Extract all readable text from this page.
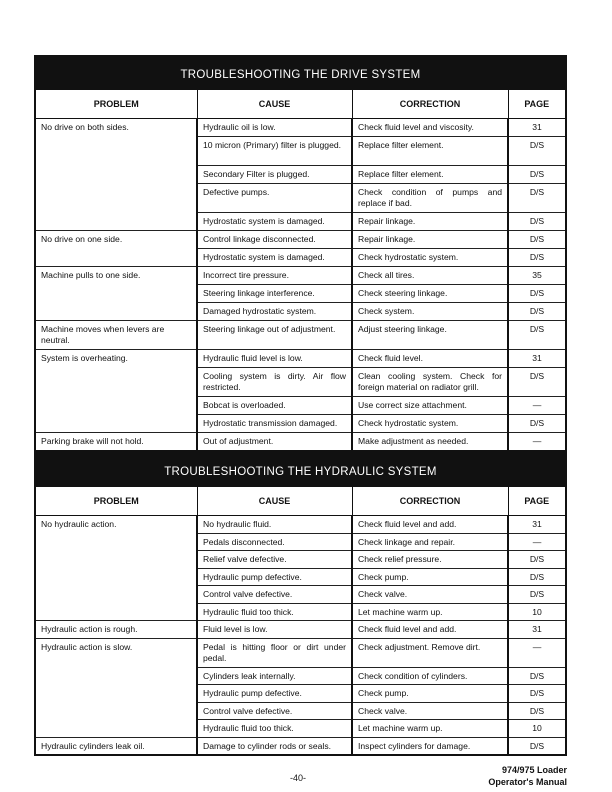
TROUBLESHOOTING THE DRIVE SYSTEM
PROBLEM	CAUSE	CORRECTION	PAGE
No drive on both sides.	Hydraulic oil is low.	Check fluid level and viscosity.	31
	10 micron (Primary) filter is plugged.	Replace filter element.	D/S
	Secondary Filter is plugged.	Replace filter element.	D/S
	Defective pumps.	Check condition of pumps and replace if bad.	D/S
	Hydrostatic system is damaged.	Repair linkage.	D/S
No drive on one side.	Control linkage disconnected.	Repair linkage.	D/S
	Hydrostatic system is damaged.	Check hydrostatic system.	D/S
Machine pulls to one side.	Incorrect tire pressure.	Check all tires.	35
	Steering linkage interference.	Check steering linkage.	D/S
	Damaged hydrostatic system.	Check system.	D/S
Machine moves when levers are neutral.	Steering linkage out of adjustment.	Adjust steering linkage.	D/S
System is overheating.	Hydraulic fluid level is low.	Check fluid level.	31
	Cooling system is dirty. Air flow restricted.	Clean cooling system. Check for foreign material on radiator grill.	D/S
	Bobcat is overloaded.	Use correct size attachment.	—
	Hydrostatic transmission damaged.	Check hydrostatic system.	D/S
Parking brake will not hold.	Out of adjustment.	Make adjustment as needed.	—
TROUBLESHOOTING THE HYDRAULIC SYSTEM
PROBLEM	CAUSE	CORRECTION	PAGE
No hydraulic action.	No hydraulic fluid.	Check fluid level and add.	31
	Pedals disconnected.	Check linkage and repair.	—
	Relief valve defective.	Check relief pressure.	D/S
	Hydraulic pump defective.	Check pump.	D/S
	Control valve defective.	Check valve.	D/S
	Hydraulic fluid too thick.	Let machine warm up.	10
Hydraulic action is rough.	Fluid level is low.	Check fluid level and add.	31
Hydraulic action is slow.	Pedal is hitting floor or dirt under pedal.	Check adjustment. Remove dirt.	—
	Cylinders leak internally.	Check condition of cylinders.	D/S
	Hydraulic pump defective.	Check pump.	D/S
	Control valve defective.	Check valve.	D/S
	Hydraulic fluid too thick.	Let machine warm up.	10
Hydraulic cylinders leak oil.	Damage to cylinder rods or seals.	Inspect cylinders for damage.	D/S
-40-
974/975 Loader
Operator's Manual
